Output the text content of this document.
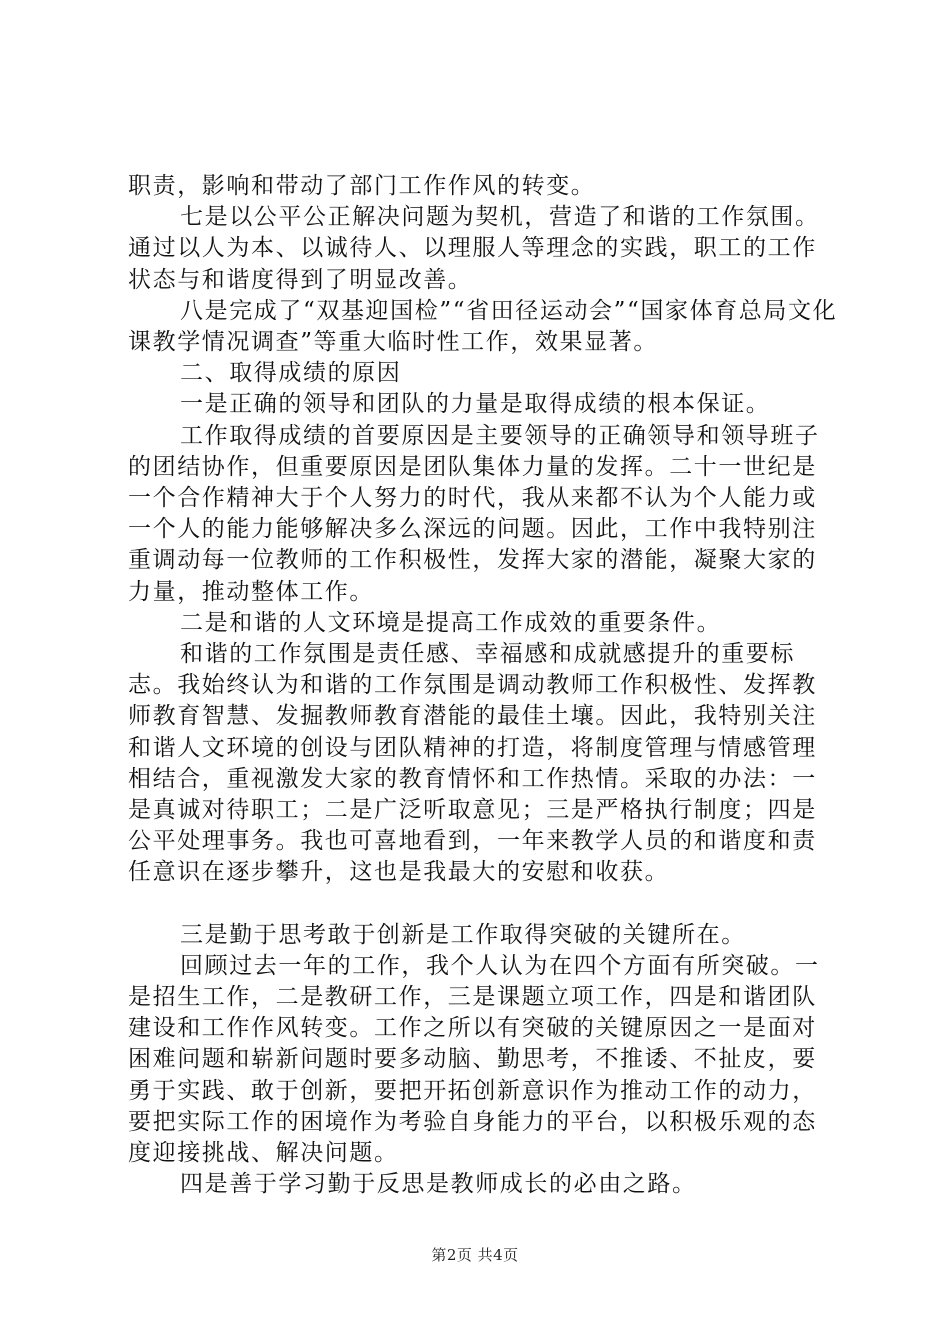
职责，影响和带动了部门工作作风的转变。

七是以公平公正解决问题为契机，营造了和谐的工作氛围。通过以人为本、以诚待人、以理服人等理念的实践，职工的工作状态与和谐度得到了明显改善。

八是完成了“双基迎国检”“省田径运动会”“国家体育总局文化课教学情况调查”等重大临时性工作，效果显著。

二、取得成绩的原因

一是正确的领导和团队的力量是取得成绩的根本保证。

工作取得成绩的首要原因是主要领导的正确领导和领导班子的团结协作，但重要原因是团队集体力量的发挥。二十一世纪是一个合作精神大于个人努力的时代，我从来都不认为个人能力或一个人的能力能够解决多么深远的问题。因此，工作中我特别注重调动每一位教师的工作积极性，发挥大家的潜能，凝聚大家的力量，推动整体工作。

二是和谐的人文环境是提高工作成效的重要条件。

和谐的工作氛围是责任感、幸福感和成就感提升的重要标志。我始终认为和谐的工作氛围是调动教师工作积极性、发挥教师教育智慧、发掘教师教育潜能的最佳土壤。因此，我特别关注和谐人文环境的创设与团队精神的打造，将制度管理与情感管理相结合，重视激发大家的教育情怀和工作热情。采取的办法：一是真诚对待职工；二是广泛听取意见；三是严格执行制度；四是公平处理事务。我也可喜地看到，一年来教学人员的和谐度和责任意识在逐步攀升，这也是我最大的安慰和收获。

三是勤于思考敢于创新是工作取得突破的关键所在。

回顾过去一年的工作，我个人认为在四个方面有所突破。一是招生工作，二是教研工作，三是课题立项工作，四是和谐团队建设和工作作风转变。工作之所以有突破的关键原因之一是面对困难问题和崭新问题时要多动脑、勤思考，不推诿、不扯皮，要勇于实践、敢于创新，要把开拓创新意识作为推动工作的动力，要把实际工作的困境作为考验自身能力的平台，以积极乐观的态度迎接挑战、解决问题。

四是善于学习勤于反思是教师成长的必由之路。

第2页 共4页
